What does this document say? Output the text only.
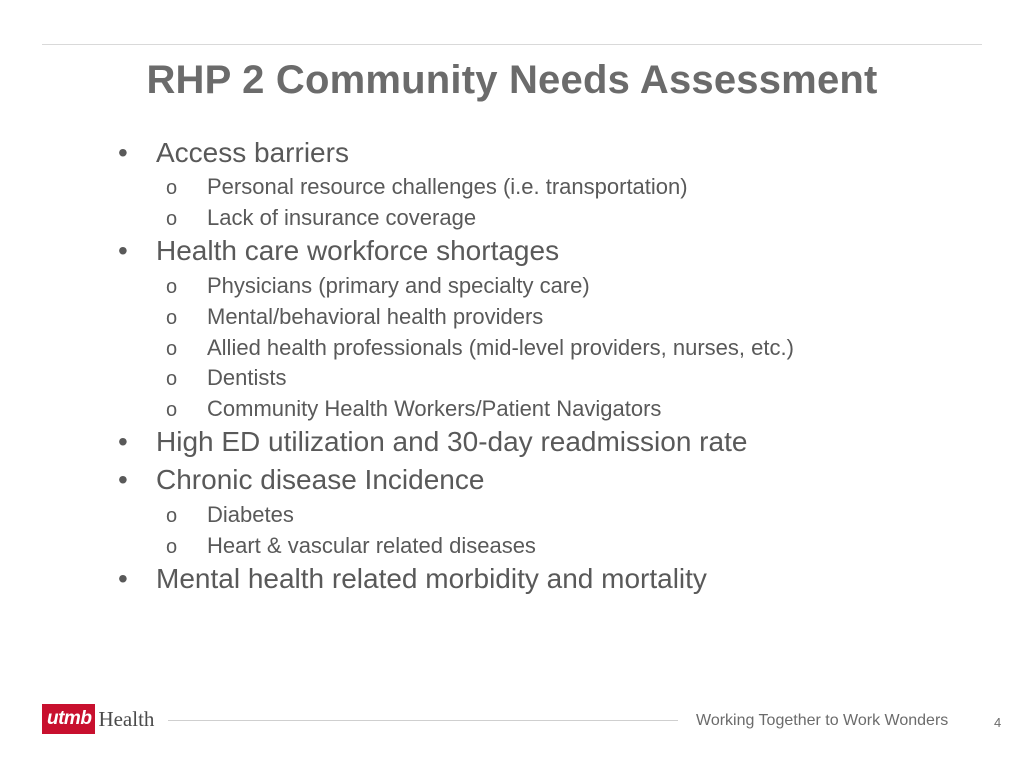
RHP 2 Community Needs Assessment
• Access barriers
o Personal resource challenges (i.e. transportation)
o Lack of insurance coverage
• Health care workforce shortages
o Physicians (primary and specialty care)
o Mental/behavioral health providers
o Allied health professionals (mid-level providers, nurses, etc.)
o Dentists
o Community Health Workers/Patient Navigators
• High ED utilization and 30-day readmission rate
• Chronic disease Incidence
o Diabetes
o Heart & vascular related diseases
• Mental health related morbidity and mortality
utmb Health	Working Together to Work Wonders	4
